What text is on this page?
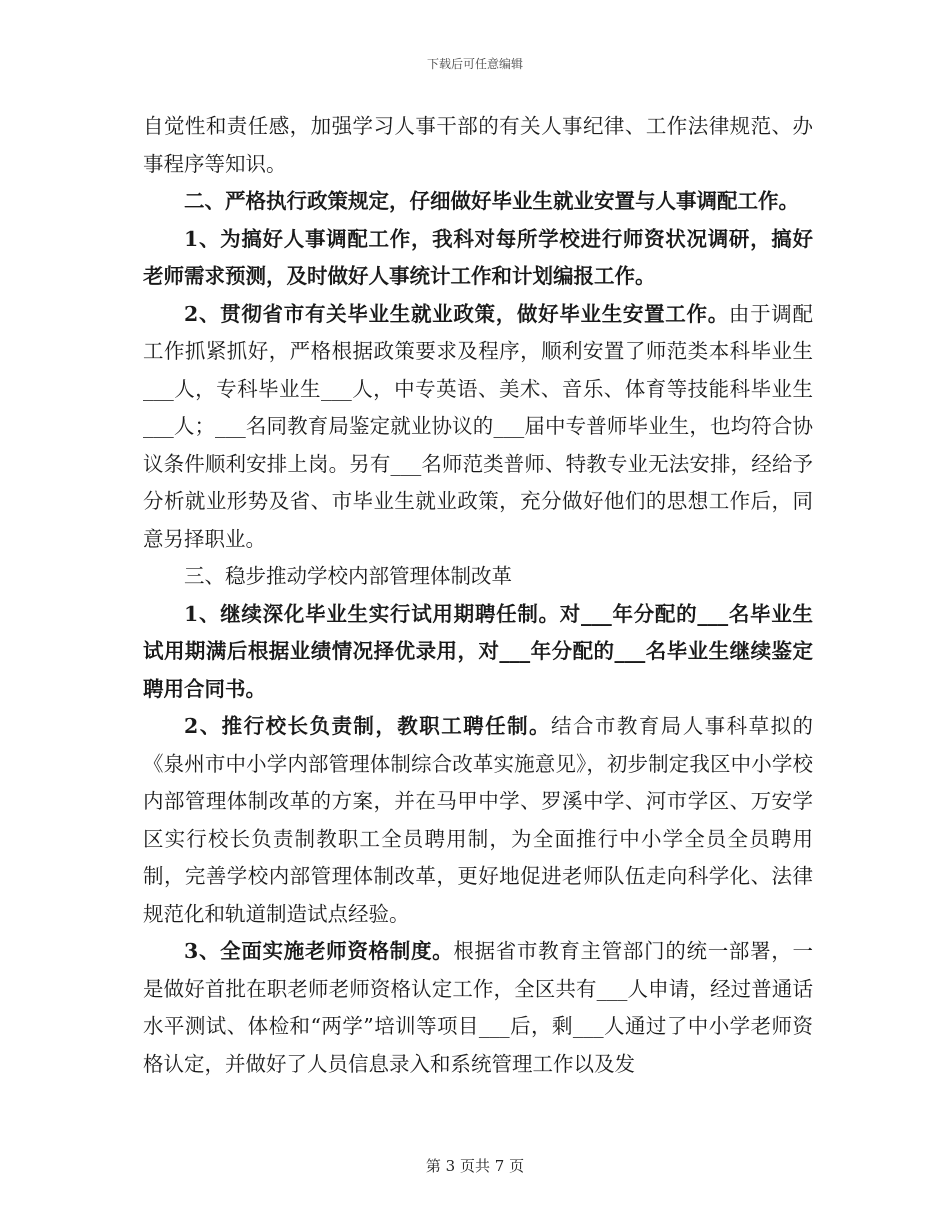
下载后可任意编辑

自觉性和责任感，加强学习人事干部的有关人事纪律、工作法律规范、办事程序等知识。

二、严格执行政策规定，仔细做好毕业生就业安置与人事调配工作。

1、为搞好人事调配工作，我科对每所学校进行师资状况调研，搞好老师需求预测，及时做好人事统计工作和计划编报工作。

2、贯彻省市有关毕业生就业政策，做好毕业生安置工作。由于调配工作抓紧抓好，严格根据政策要求及程序，顺利安置了师范类本科毕业生___人，专科毕业生___人，中专英语、美术、音乐、体育等技能科毕业生___人；___名同教育局鉴定就业协议的___届中专普师毕业生，也均符合协议条件顺利安排上岗。另有___名师范类普师、特教专业无法安排，经给予分析就业形势及省、市毕业生就业政策，充分做好他们的思想工作后，同意另择职业。

三、稳步推动学校内部管理体制改革

1、继续深化毕业生实行试用期聘任制。对___年分配的___名毕业生试用期满后根据业绩情况择优录用，对___年分配的___名毕业生继续鉴定聘用合同书。

2、推行校长负责制，教职工聘任制。结合市教育局人事科草拟的《泉州市中小学内部管理体制综合改革实施意见》，初步制定我区中小学校内部管理体制改革的方案，并在马甲中学、罗溪中学、河市学区、万安学区实行校长负责制教职工全员聘用制，为全面推行中小学全员全员聘用制，完善学校内部管理体制改革，更好地促进老师队伍走向科学化、法律规范化和轨道制造试点经验。

3、全面实施老师资格制度。根据省市教育主管部门的统一部署，一是做好首批在职老师老师资格认定工作，全区共有___人申请，经过普通话水平测试、体检和“两学”培训等项目___后，剩___人通过了中小学老师资格认定，并做好了人员信息录入和系统管理工作以及发

第 3 页共 7 页
